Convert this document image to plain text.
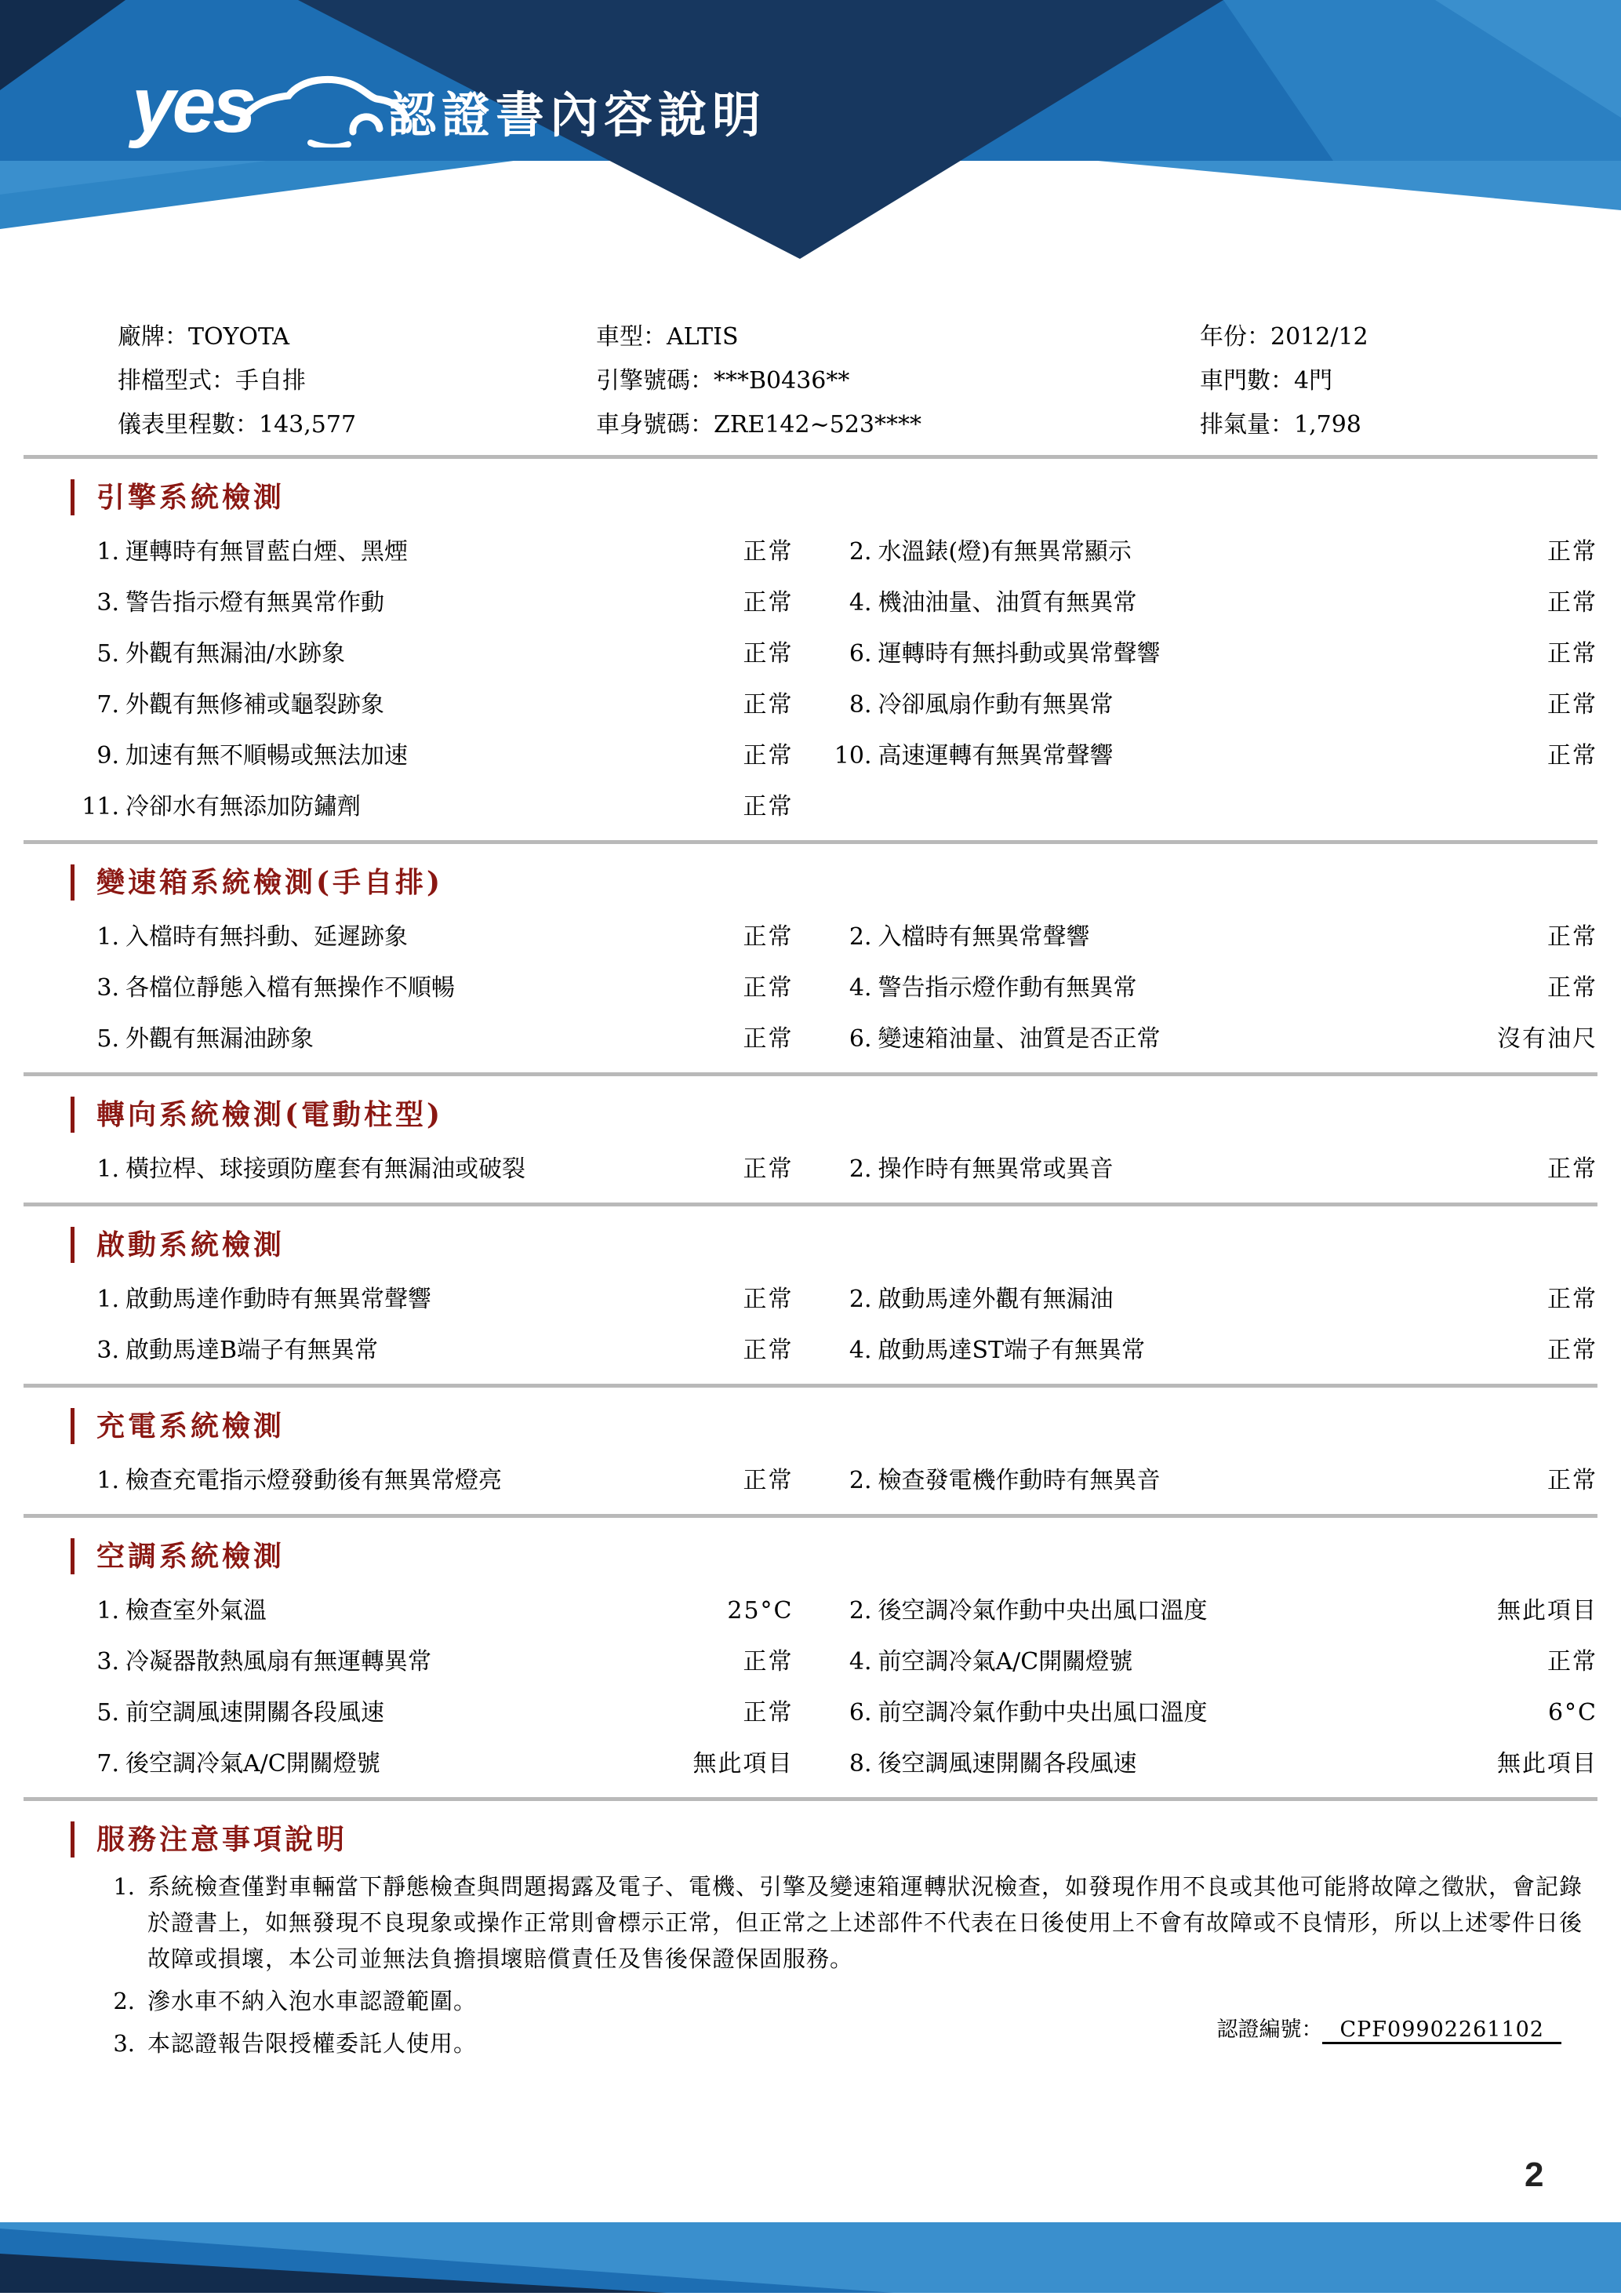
yes	認證書內容說明
廠牌：TOYOTA	車型：ALTIS	年份：2012/12
排檔型式：手自排	引擎號碼：***B0436**	車門數：4門
儀表里程數：143,577	車身號碼：ZRE142~523****	排氣量：1,798
引擎系統檢測
1. 運轉時有無冒藍白煙、黑煙	正常	2. 水溫錶(燈)有無異常顯示	正常
3. 警告指示燈有無異常作動	正常	4. 機油油量、油質有無異常	正常
5. 外觀有無漏油/水跡象	正常	6. 運轉時有無抖動或異常聲響	正常
7. 外觀有無修補或龜裂跡象	正常	8. 冷卻風扇作動有無異常	正常
9. 加速有無不順暢或無法加速	正常 10. 高速運轉有無異常聲響	正常
11. 冷卻水有無添加防鏽劑	正常
變速箱系統檢測(手自排)
1. 入檔時有無抖動、延遲跡象	正常	2. 入檔時有無異常聲響	正常
3. 各檔位靜態入檔有無操作不順暢	正常	4. 警告指示燈作動有無異常	正常
5. 外觀有無漏油跡象	正常	6. 變速箱油量、油質是否正常	沒有油尺
轉向系統檢測(電動柱型)
1. 橫拉桿、球接頭防塵套有無漏油或破裂	正常	2. 操作時有無異常或異音	正常
啟動系統檢測
1. 啟動馬達作動時有無異常聲響	正常	2. 啟動馬達外觀有無漏油	正常
3. 啟動馬達B端子有無異常	正常	4. 啟動馬達ST端子有無異常	正常
充電系統檢測
1. 檢查充電指示燈發動後有無異常燈亮	正常	2. 檢查發電機作動時有無異音	正常
空調系統檢測
1. 檢查室外氣溫	25°C	2. 後空調冷氣作動中央出風口溫度	無此項目
3. 冷凝器散熱風扇有無運轉異常	正常	4. 前空調冷氣A/C開關燈號	正常
5. 前空調風速開關各段風速	正常	6. 前空調冷氣作動中央出風口溫度	6°C
7. 後空調冷氣A/C開關燈號	無此項目	8. 後空調風速開關各段風速	無此項目
服務注意事項說明
1. 系統檢查僅對車輛當下靜態檢查與問題揭露及電子、電機、引擎及變速箱運轉狀況檢查，如發現作用不良或其他可能將故障之徵狀，會記錄於證書上，如無發現不良現象或操作正常則會標示正常，但正常之上述部件不代表在日後使用上不會有故障或不良情形，所以上述零件日後故障或損壞，本公司並無法負擔損壞賠償責任及售後保證保固服務。
2. 滲水車不納入泡水車認證範圍。
3. 本認證報告限授權委託人使用。
認證編號： CPF09902261102
2
